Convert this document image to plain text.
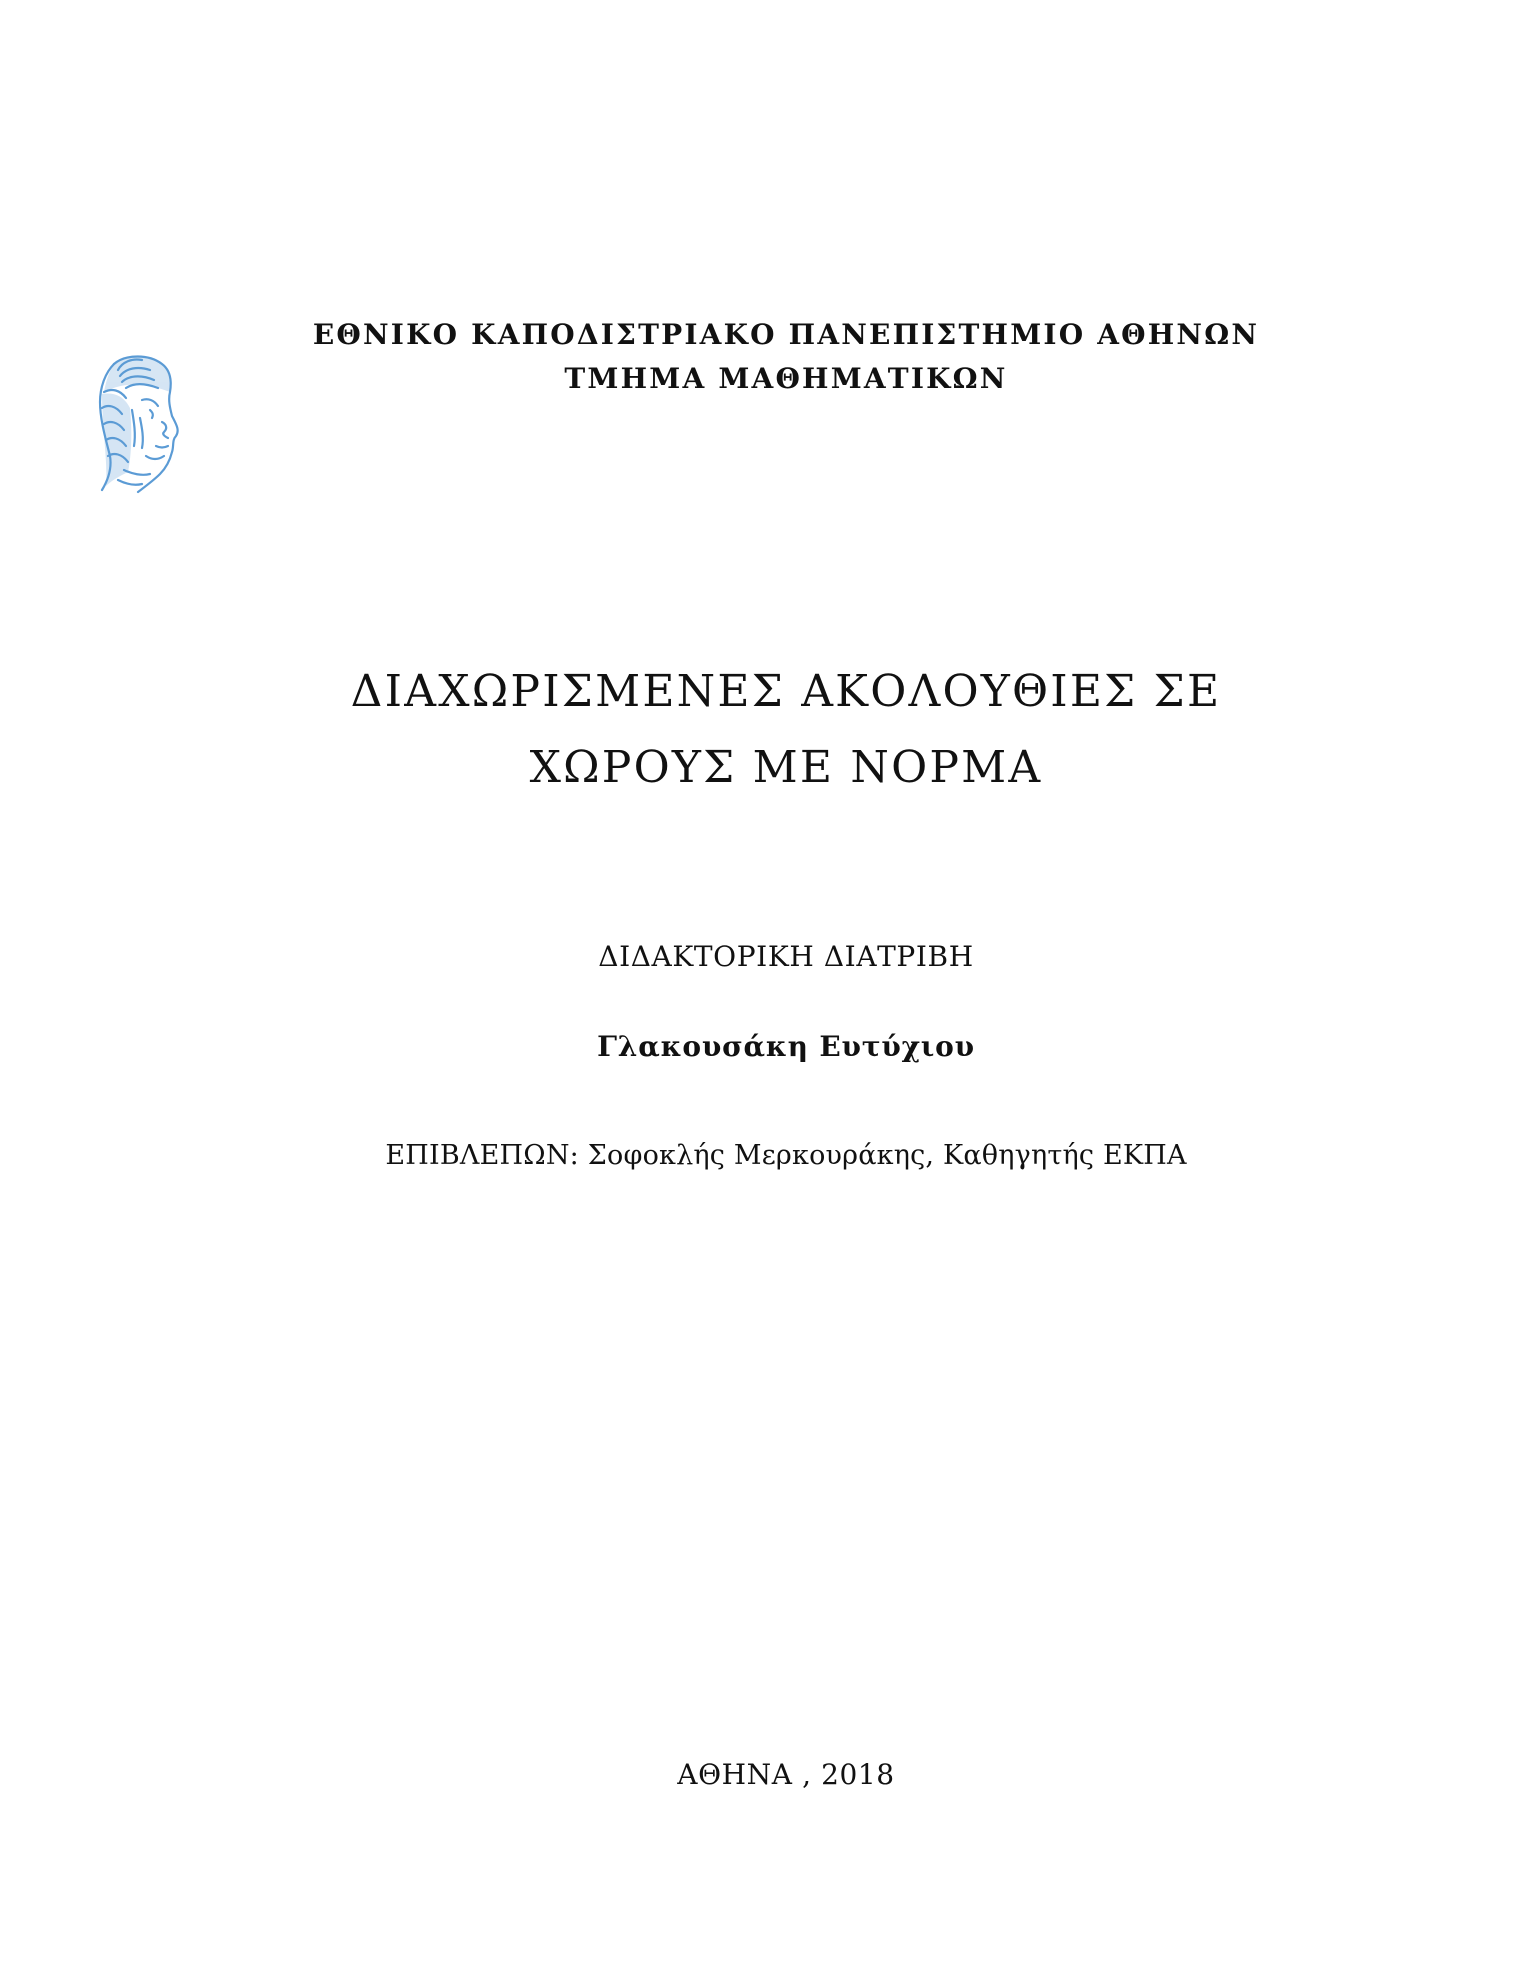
ΕΘΝΙΚΟ ΚΑΠΟΔΙΣΤΡΙΑΚΟ ΠΑΝΕΠΙΣΤΗΜΙΟ ΑΘΗΝΩΝ
ΤΜΗΜΑ ΜΑΘΗΜΑΤΙΚΩΝ
ΔΙΑΧΩΡΙΣΜΕΝΕΣ ΑΚΟΛΟΥΘΙΕΣ ΣΕ
ΧΩΡΟΥΣ ΜΕ ΝΟΡΜΑ
ΔΙΔΑΚΤΟΡΙΚΗ ΔΙΑΤΡΙΒΗ
Γλακουσάκη Ευτύχιου
ΕΠΙΒΛΕΠΩΝ: Σοφοκλής Μερκουράκης, Καθηγητής ΕΚΠΑ
ΑΘΗΝΑ , 2018
